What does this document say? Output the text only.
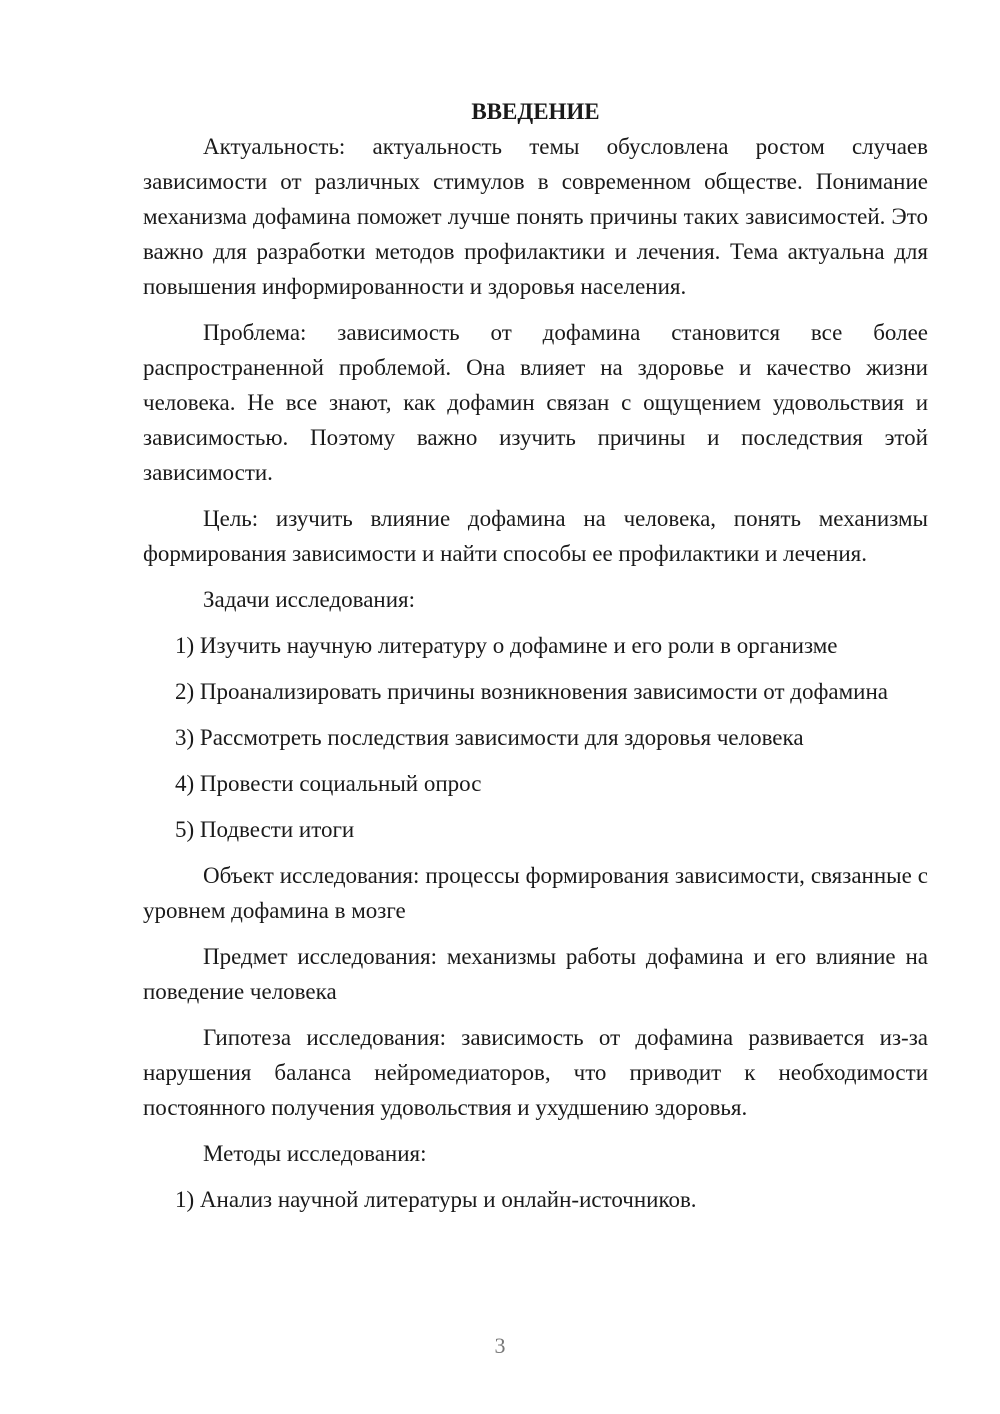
ВВЕДЕНИЕ
Актуальность: актуальность темы обусловлена ростом случаев зависимости от различных стимулов в современном обществе. Понимание механизма дофамина поможет лучше понять причины таких зависимостей. Это важно для разработки методов профилактики и лечения. Тема актуальна для повышения информированности и здоровья населения.
Проблема: зависимость от дофамина становится все более распространенной проблемой. Она влияет на здоровье и качество жизни человека. Не все знают, как дофамин связан с ощущением удовольствия и зависимостью. Поэтому важно изучить причины и последствия этой зависимости.
Цель: изучить влияние дофамина на человека, понять механизмы формирования зависимости и найти способы ее профилактики и лечения.
Задачи исследования:
1) Изучить научную литературу о дофамине и его роли в организме
2) Проанализировать причины возникновения зависимости от дофамина
3) Рассмотреть последствия зависимости для здоровья человека
4) Провести социальный опрос
5) Подвести итоги
Объект исследования: процессы формирования зависимости, связанные с уровнем дофамина в мозге
Предмет исследования: механизмы работы дофамина и его влияние на поведение человека
Гипотеза исследования: зависимость от дофамина развивается из-за нарушения баланса нейромедиаторов, что приводит к необходимости постоянного получения удовольствия и ухудшению здоровья.
Методы исследования:
1) Анализ научной литературы и онлайн-источников.
3
